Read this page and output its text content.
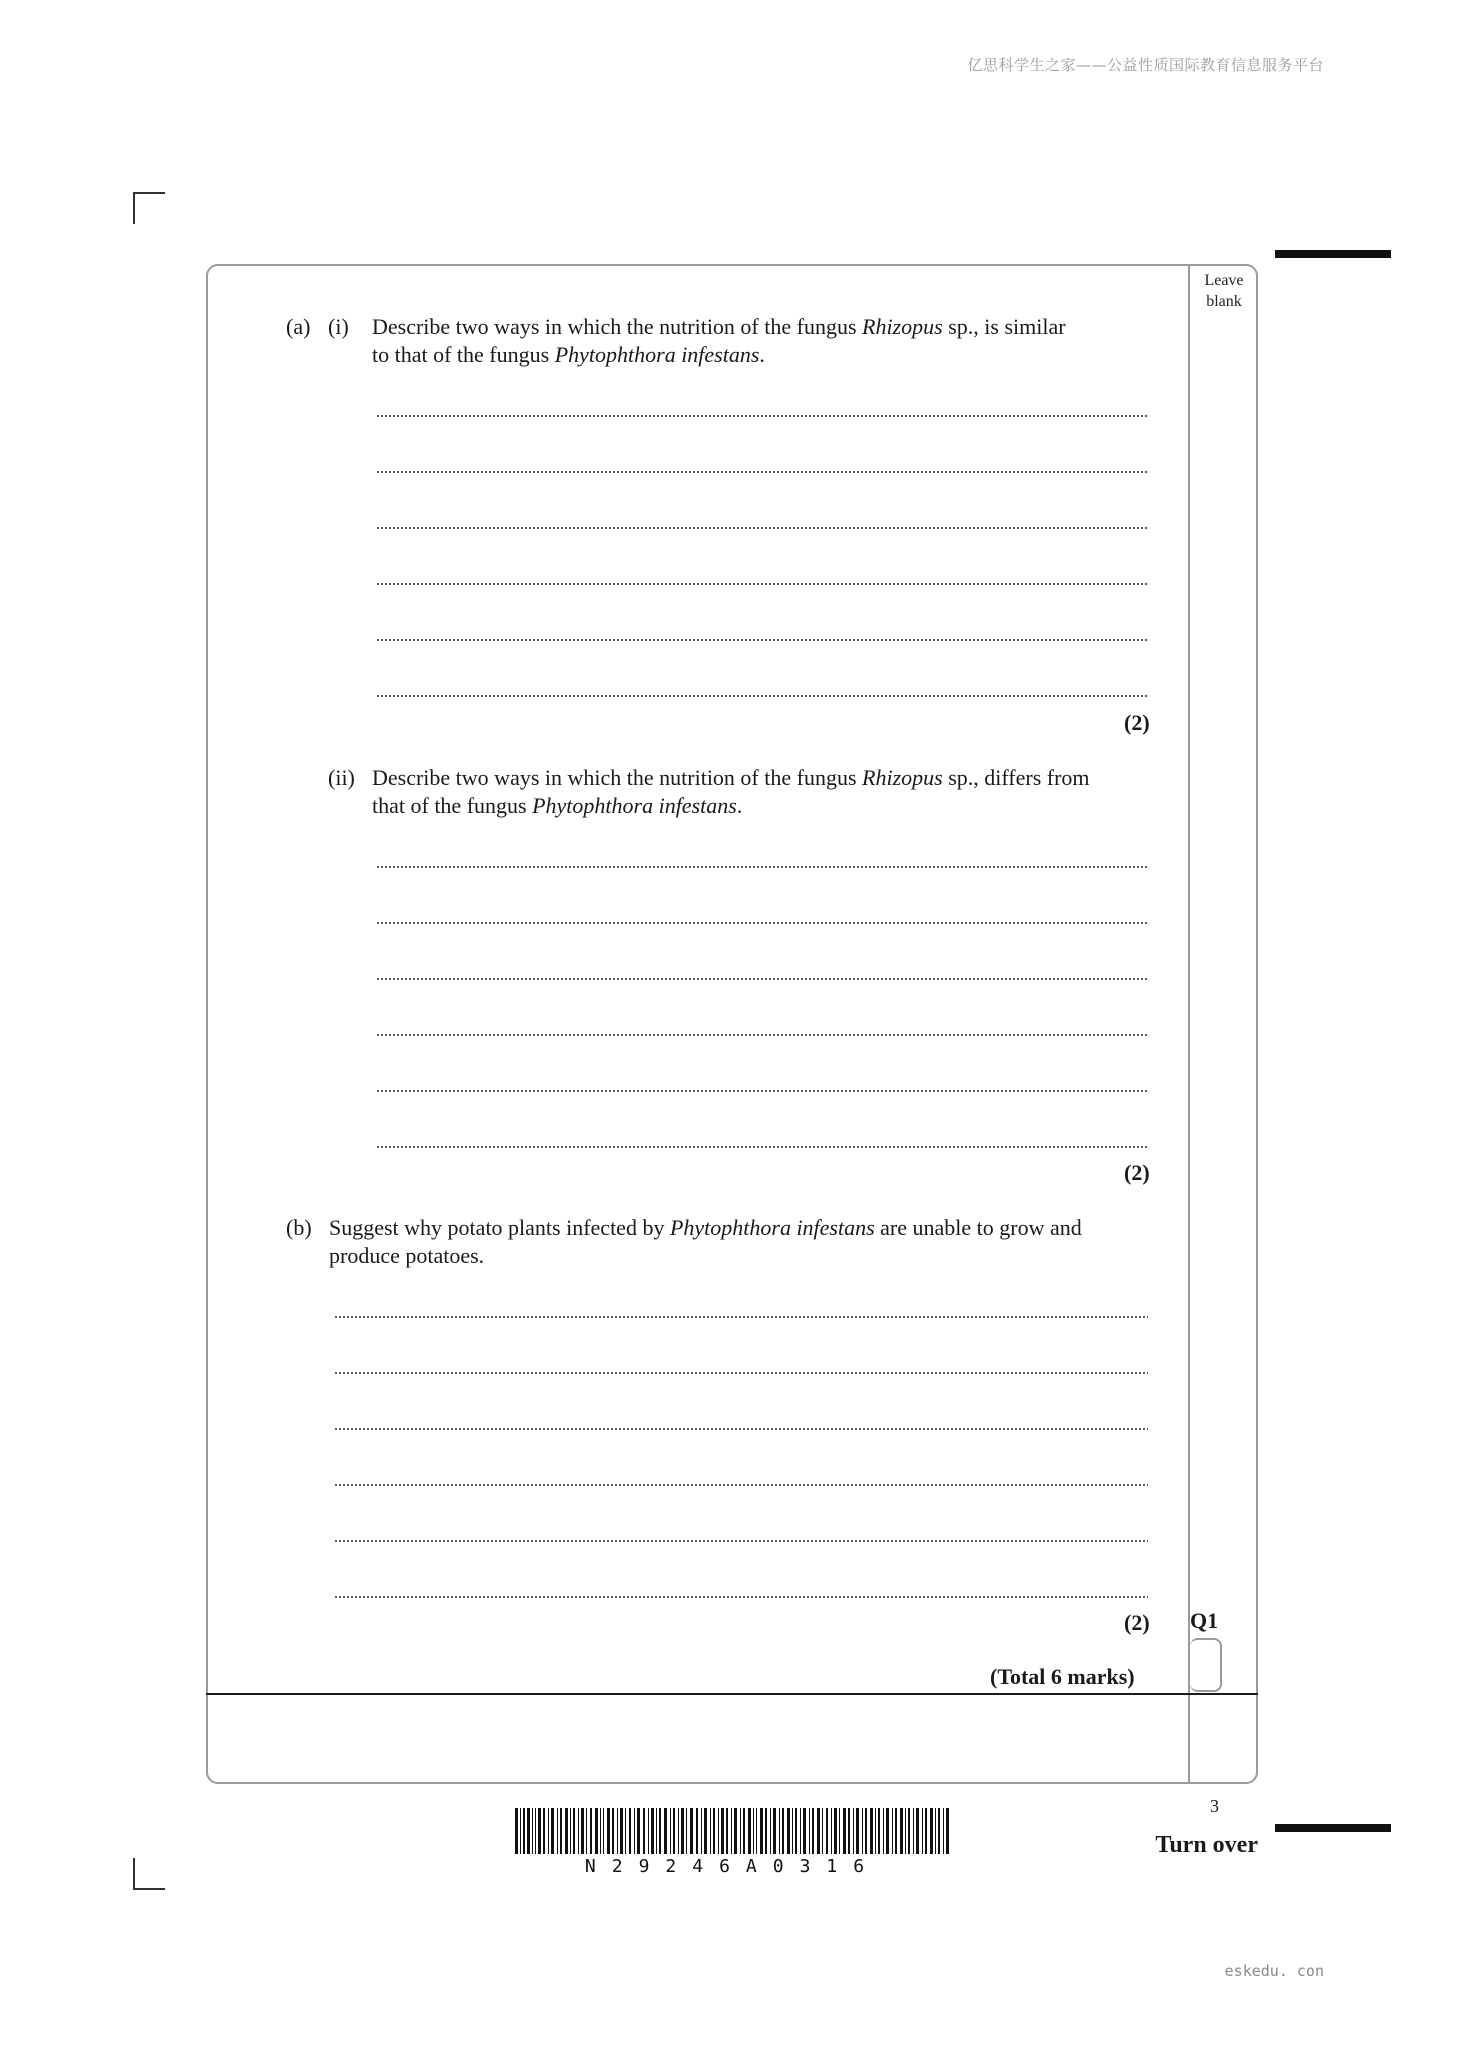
亿思科学生之家——公益性质国际教育信息服务平台
eskedu. con
Leave
blank
(a) (i) Describe two ways in which the nutrition of the fungus Rhizopus sp., is similar
to that of the fungus Phytophthora infestans.
(2)
(ii) Describe two ways in which the nutrition of the fungus Rhizopus sp., differs from
that of the fungus Phytophthora infestans.
(2)
(b) Suggest why potato plants infected by Phytophthora infestans are unable to grow and
produce potatoes.
(2) Q1
(Total 6 marks)
3
Turn over
N29246A0316
